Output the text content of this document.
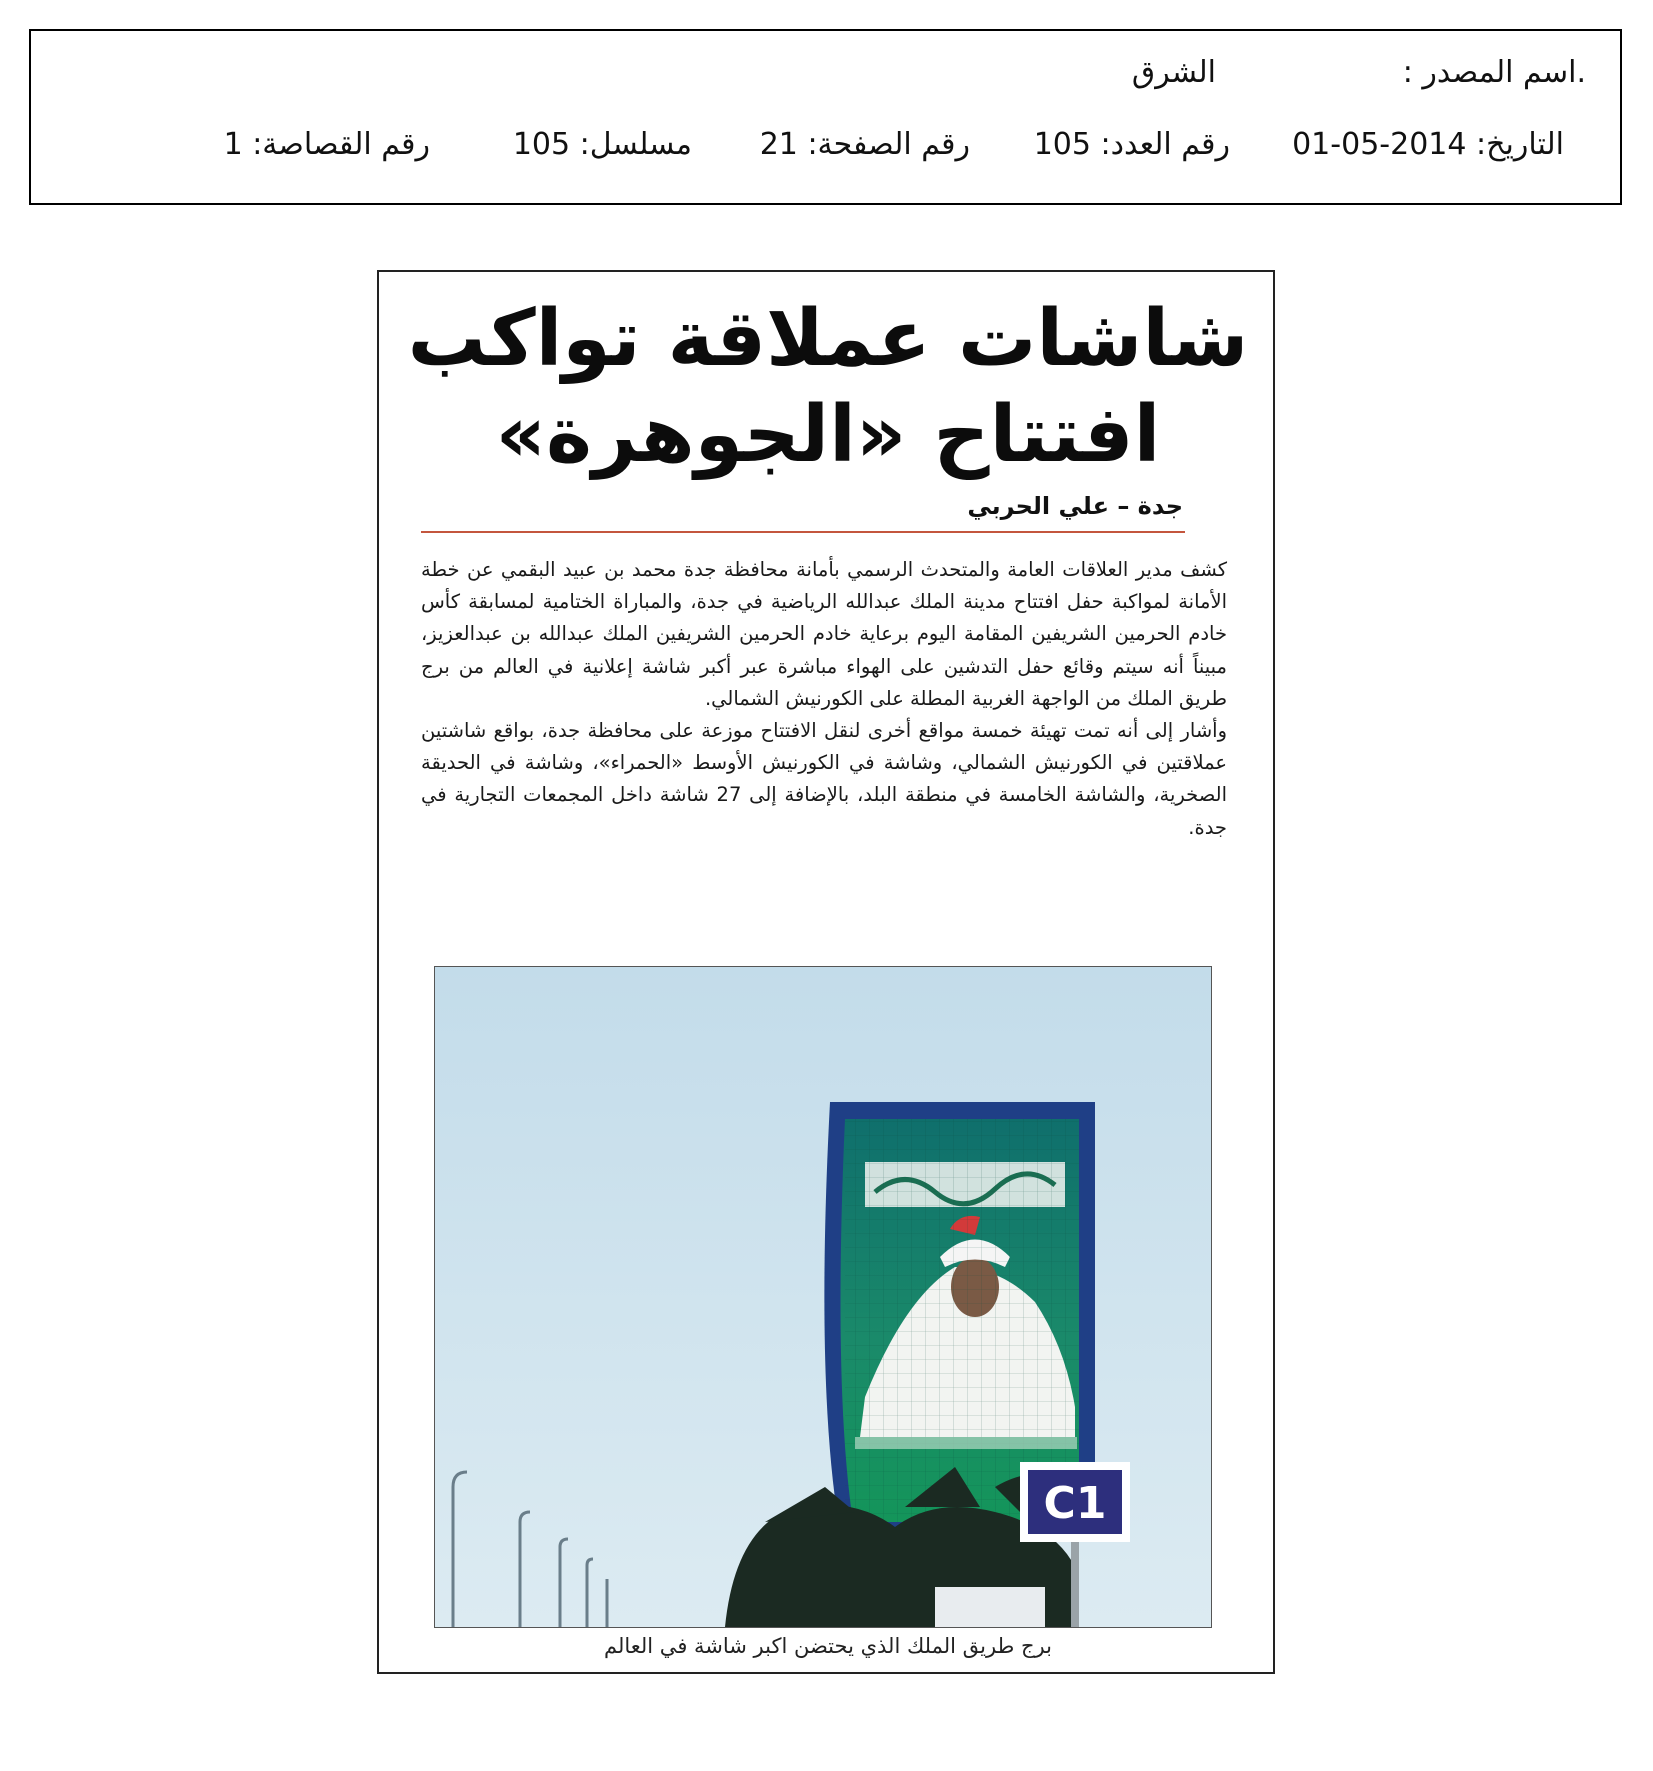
.اسم المصدر :
الشرق
التاريخ: 2014-05-01
رقم العدد: 105
رقم الصفحة: 21
مسلسل: 105
رقم القصاصة: 1
شاشات عملاقة تواكب
افتتاح «الجوهرة»
جدة – علي الحربي

كشف مدير العلاقات العامة والمتحدث الرسمي بأمانة محافظة جدة محمد بن عبيد البقمي عن خطة الأمانة لمواكبة حفل افتتاح مدينة الملك عبدالله الرياضية في جدة، والمباراة الختامية لمسابقة كأس خادم الحرمين الشريفين المقامة اليوم برعاية خادم الحرمين الشريفين الملك عبدالله بن عبدالعزيز، مبيناً أنه سيتم وقائع حفل التدشين على الهواء مباشرة عبر أكبر شاشة إعلانية في العالم من برج طريق الملك من الواجهة الغربية المطلة على الكورنيش الشمالي.

وأشار إلى أنه تمت تهيئة خمسة مواقع أخرى لنقل الافتتاح موزعة على محافظة جدة، بواقع شاشتين عملاقتين في الكورنيش الشمالي، وشاشة في الكورنيش الأوسط «الحمراء»، وشاشة في الحديقة الصخرية، والشاشة الخامسة في منطقة البلد، بالإضافة إلى 27 شاشة داخل المجمعات التجارية في جدة.

C1
برج طريق الملك الذي يحتضن اكبر شاشة في العالم
